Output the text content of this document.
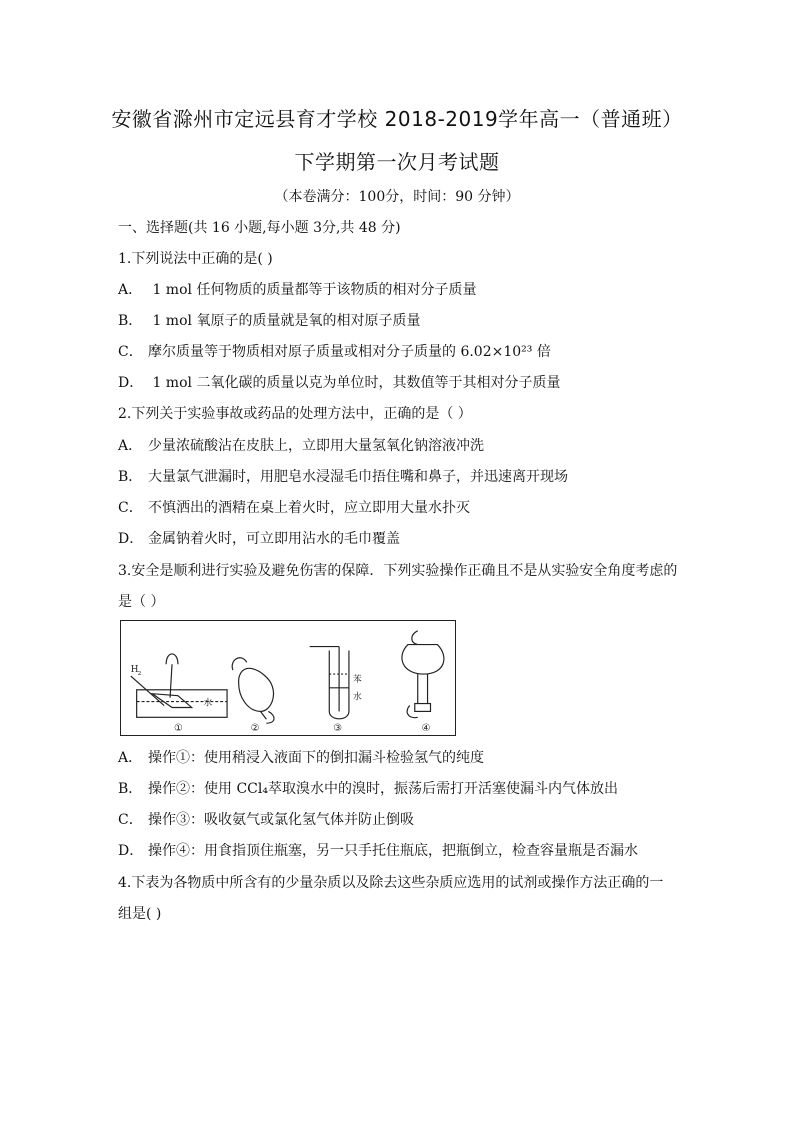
安徽省滁州市定远县育才学校 2018-2019学年高一（普通班）
下学期第一次月考试题
（本卷满分：100分，时间：90 分钟）
一、选择题(共 16 小题,每小题 3分,共 48 分)
1.下列说法中正确的是( )
A． 1 mol 任何物质的质量都等于该物质的相对分子质量
B． 1 mol 氧原子的质量就是氧的相对原子质量
C． 摩尔质量等于物质相对原子质量或相对分子质量的 6.02×10²³ 倍
D． 1 mol 二氧化碳的质量以克为单位时，其数值等于其相对分子质量
2.下列关于实验事故或药品的处理方法中，正确的是（ ）
A． 少量浓硫酸沾在皮肤上，立即用大量氢氧化钠溶液冲洗
B． 大量氯气泄漏时，用肥皂水浸湿毛巾捂住嘴和鼻子，并迅速离开现场
C． 不慎洒出的酒精在桌上着火时，应立即用大量水扑灭
D． 金属钠着火时，可立即用沾水的毛巾覆盖
3.安全是顺利进行实验及避免伤害的保障．下列实验操作正确且不是从实验安全角度考虑的
是（ ）
H 2
水
①	②
苯
水
③	④
A． 操作①：使用稍浸入液面下的倒扣漏斗检验氢气的纯度
B． 操作②：使用 CCl₄萃取溴水中的溴时，振荡后需打开活塞使漏斗内气体放出
C． 操作③：吸收氨气或氯化氢气体并防止倒吸
D． 操作④：用食指顶住瓶塞，另一只手托住瓶底，把瓶倒立，检查容量瓶是否漏水
4.下表为各物质中所含有的少量杂质以及除去这些杂质应选用的试剂或操作方法正确的一
组是( )
